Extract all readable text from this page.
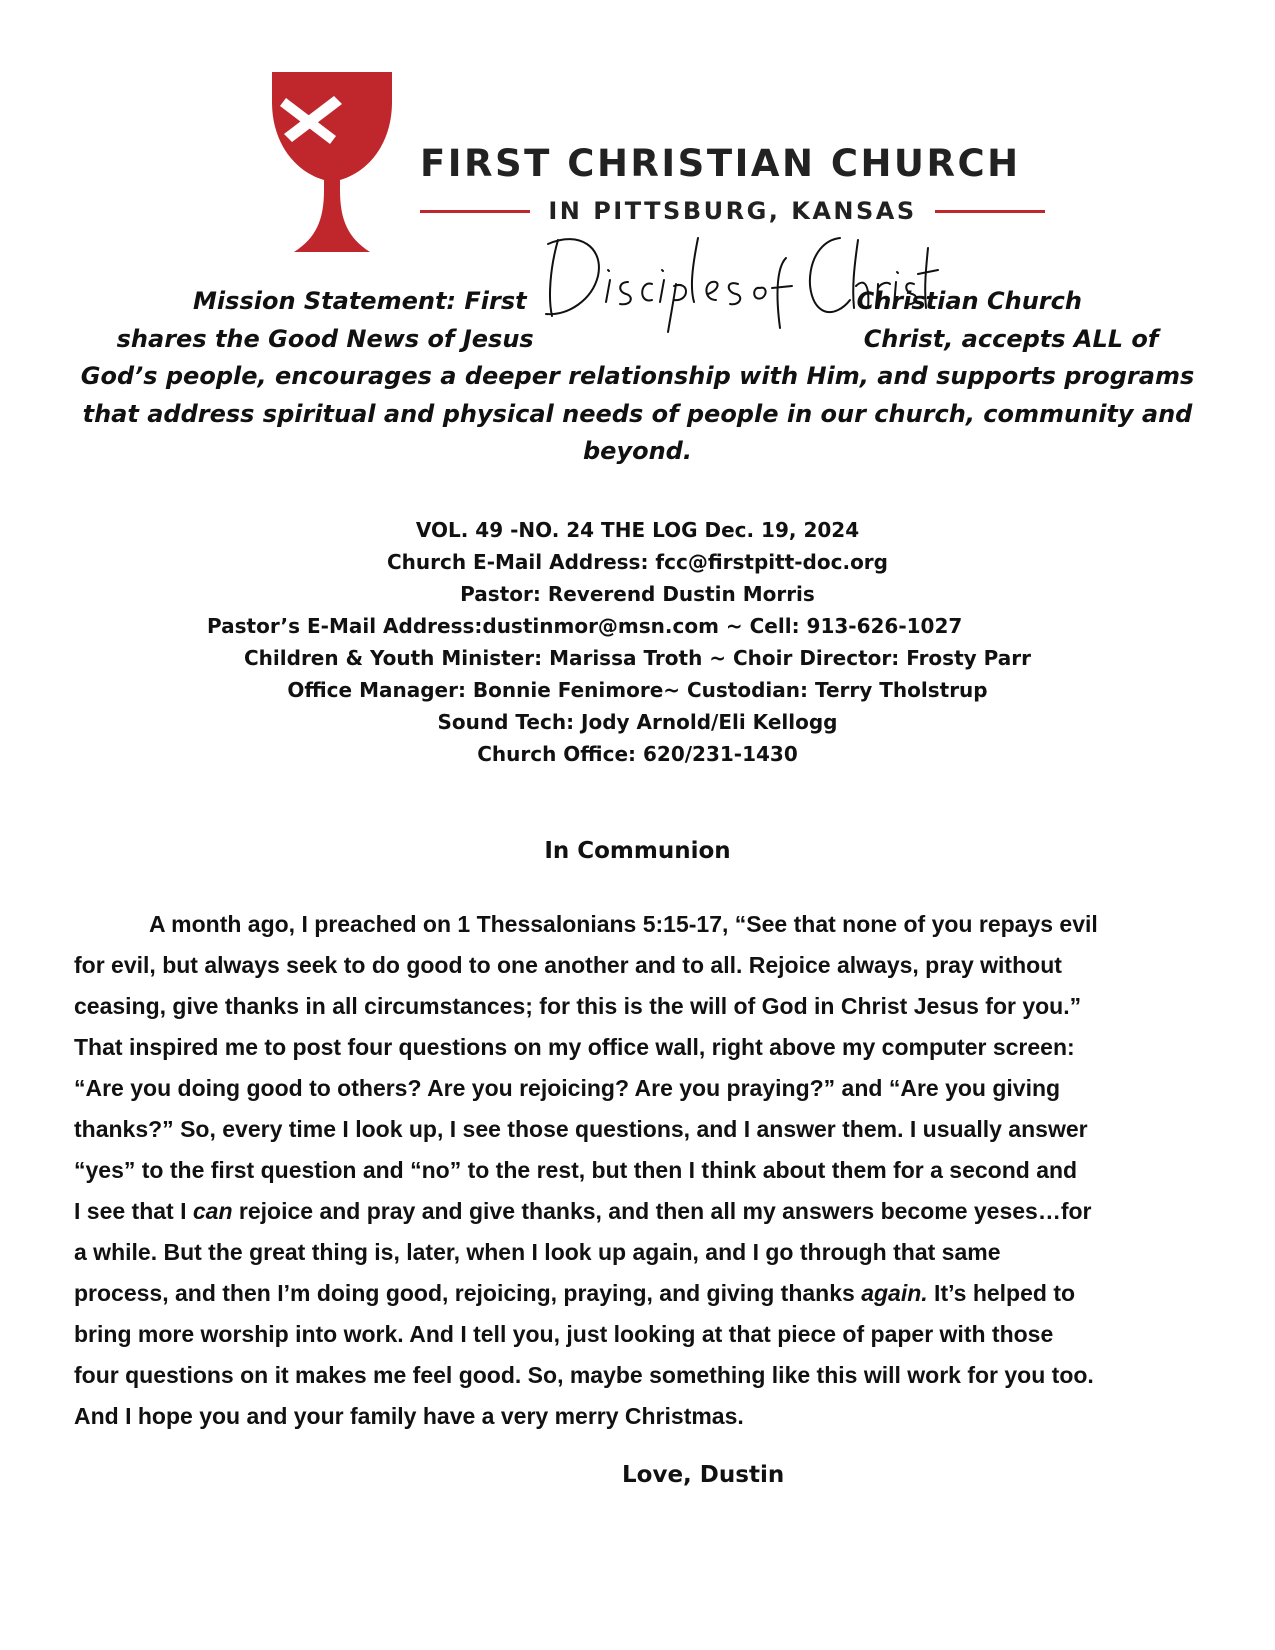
FIRST CHRISTIAN CHURCH
IN PITTSBURG, KANSAS
Mission Statement: First	Christian Church
shares the Good News of Jesus	Christ, accepts ALL of
God’s people, encourages a deeper relationship with Him, and supports programs
that address spiritual and physical needs of people in our church, community and
beyond.
VOL. 49 -NO. 24 THE LOG Dec. 19, 2024
Church E-Mail Address: fcc@firstpitt-doc.org
Pastor: Reverend Dustin Morris
Pastor’s E-Mail Address:dustinmor@msn.com ~ Cell: 913-626-1027
Children & Youth Minister: Marissa Troth ~ Choir Director: Frosty Parr
Office Manager: Bonnie Fenimore~ Custodian: Terry Tholstrup
Sound Tech: Jody Arnold/Eli Kellogg
Church Office: 620/231-1430
In Communion
A month ago, I preached on 1 Thessalonians 5:15-17, “See that none of you repays evil
for evil, but always seek to do good to one another and to all. Rejoice always, pray without
ceasing, give thanks in all circumstances; for this is the will of God in Christ Jesus for you.”
That inspired me to post four questions on my office wall, right above my computer screen:
“Are you doing good to others? Are you rejoicing? Are you praying?” and “Are you giving
thanks?” So, every time I look up, I see those questions, and I answer them. I usually answer
“yes” to the first question and “no” to the rest, but then I think about them for a second and
I see that I can rejoice and pray and give thanks, and then all my answers become yeses…for
a while. But the great thing is, later, when I look up again, and I go through that same
process, and then I’m doing good, rejoicing, praying, and giving thanks again. It’s helped to
bring more worship into work. And I tell you, just looking at that piece of paper with those
four questions on it makes me feel good. So, maybe something like this will work for you too.
And I hope you and your family have a very merry Christmas.
Love, Dustin
